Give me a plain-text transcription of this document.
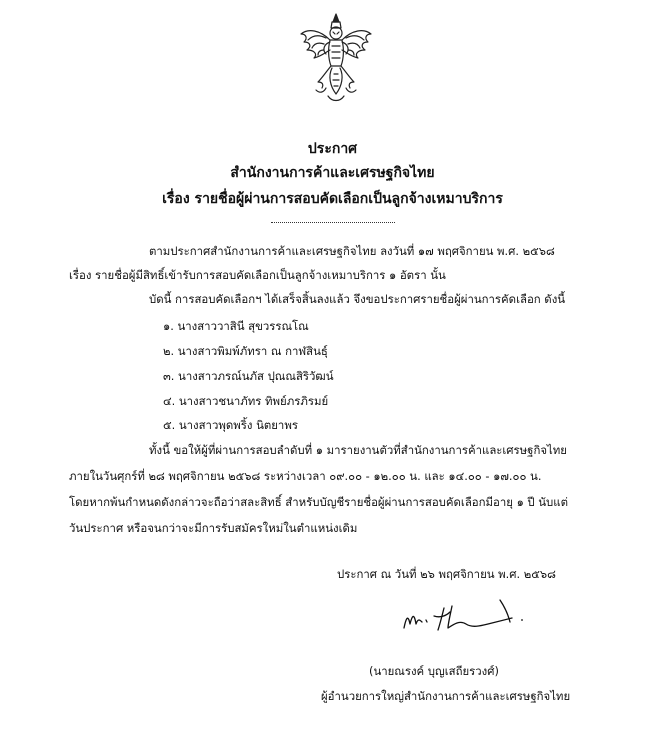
ประกาศ
สำนักงานการค้าและเศรษฐกิจไทย
เรื่อง รายชื่อผู้ผ่านการสอบคัดเลือกเป็นลูกจ้างเหมาบริการ
ตามประกาศสำนักงานการค้าและเศรษฐกิจไทย ลงวันที่ ๑๗ พฤศจิกายน พ.ศ. ๒๕๖๘
เรื่อง รายชื่อผู้มีสิทธิ์เข้ารับการสอบคัดเลือกเป็นลูกจ้างเหมาบริการ ๑ อัตรา นั้น
บัดนี้ การสอบคัดเลือกฯ ได้เสร็จสิ้นลงแล้ว จึงขอประกาศรายชื่อผู้ผ่านการคัดเลือก ดังนี้
๑. นางสาววาสินี สุขวรรณโณ
๒. นางสาวพิมพ์ภัทรา ณ กาฬสินธุ์
๓. นางสาวภรณ์นภัส ปุณณสิริวัฒน์
๔. นางสาวชนาภัทร ทิพย์ภรภิรมย์
๕. นางสาวพุดพริ้ง นิตยาพร
ทั้งนี้ ขอให้ผู้ที่ผ่านการสอบลำดับที่ ๑ มารายงานตัวที่สำนักงานการค้าและเศรษฐกิจไทย
ภายในวันศุกร์ที่ ๒๘ พฤศจิกายน ๒๕๖๘ ระหว่างเวลา ๐๙.๐๐ - ๑๒.๐๐ น. และ ๑๔.๐๐ - ๑๗.๐๐ น.
โดยหากพ้นกำหนดดังกล่าวจะถือว่าสละสิทธิ์ สำหรับบัญชีรายชื่อผู้ผ่านการสอบคัดเลือกมีอายุ ๑ ปี นับแต่
วันประกาศ หรือจนกว่าจะมีการรับสมัครใหม่ในตำแหน่งเดิม
ประกาศ ณ วันที่ ๒๖ พฤศจิกายน พ.ศ. ๒๕๖๘
(นายณรงค์ บุญเสถียรวงศ์)
ผู้อำนวยการใหญ่สำนักงานการค้าและเศรษฐกิจไทย
